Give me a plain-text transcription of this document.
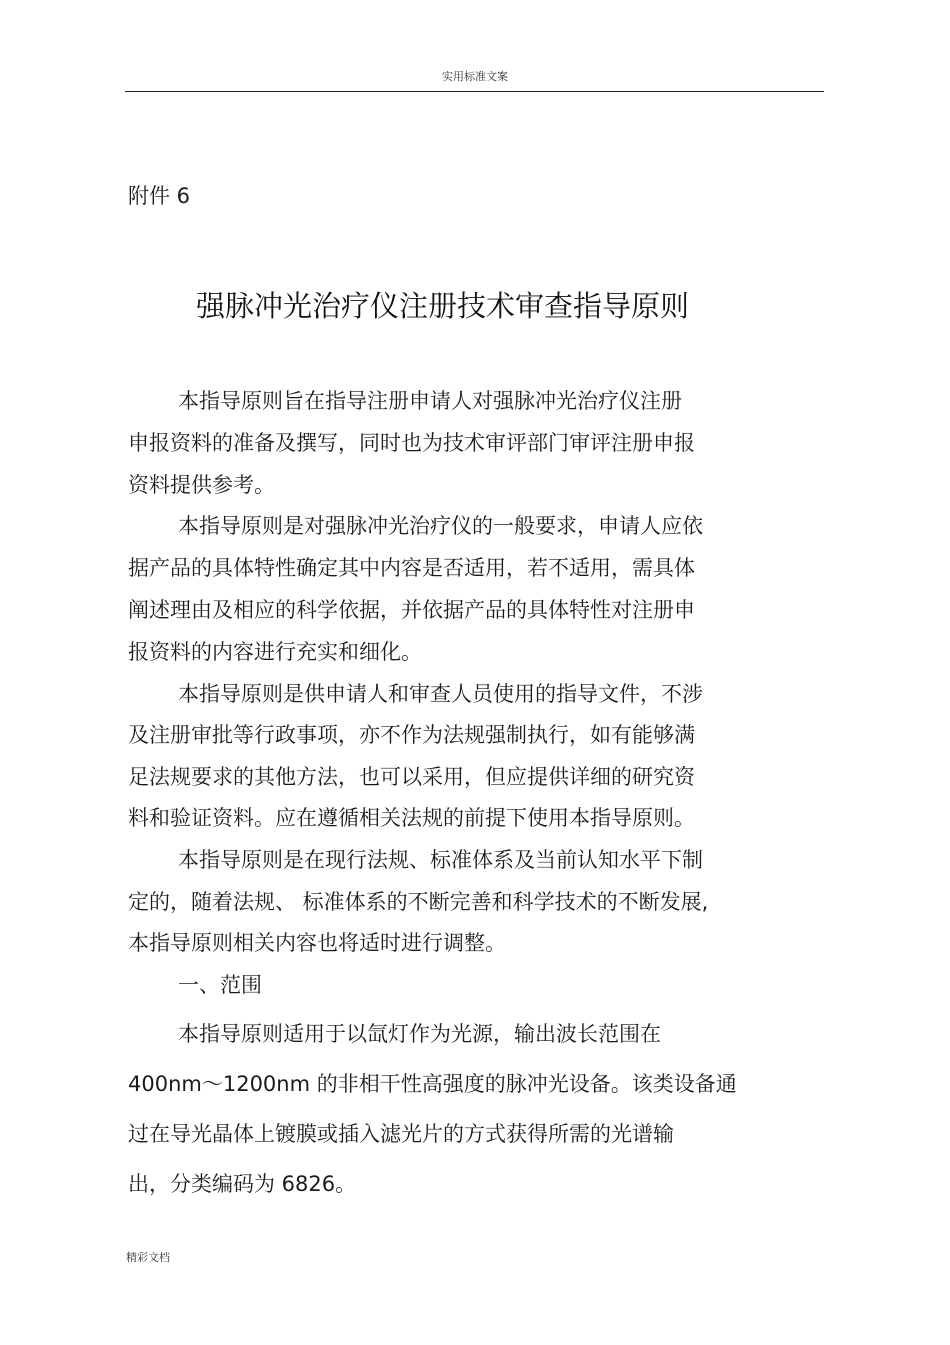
实用标准文案
附件 6
强脉冲光治疗仪注册技术审查指导原则
本指导原则旨在指导注册申请人对强脉冲光治疗仪注册
申报资料的准备及撰写，同时也为技术审评部门审评注册申报
资料提供参考。
本指导原则是对强脉冲光治疗仪的一般要求，申请人应依
据产品的具体特性确定其中内容是否适用，若不适用，需具体
阐述理由及相应的科学依据，并依据产品的具体特性对注册申
报资料的内容进行充实和细化。
本指导原则是供申请人和审查人员使用的指导文件，不涉
及注册审批等行政事项，亦不作为法规强制执行，如有能够满
足法规要求的其他方法，也可以采用，但应提供详细的研究资
料和验证资料。应在遵循相关法规的前提下使用本指导原则。
本指导原则是在现行法规、标准体系及当前认知水平下制
定的，随着法规、 标准体系的不断完善和科学技术的不断发展,
本指导原则相关内容也将适时进行调整。
一、范围
本指导原则适用于以氙灯作为光源，输出波长范围在
400nm～1200nm 的非相干性高强度的脉冲光设备。该类设备通
过在导光晶体上镀膜或插入滤光片的方式获得所需的光谱输
出，分类编码为 6826。
精彩文档
